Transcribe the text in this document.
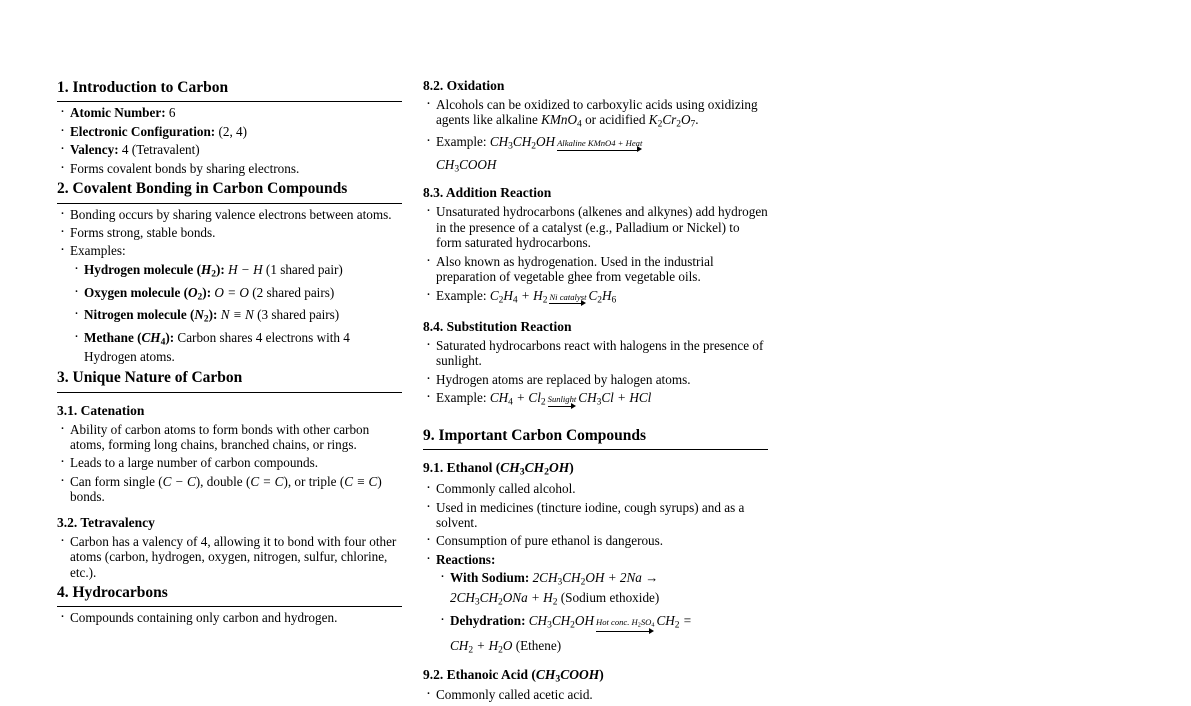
1. Introduction to Carbon
· Atomic Number: 6
· Electronic Configuration: (2, 4)
· Valency: 4 (Tetravalent)
· Forms covalent bonds by sharing electrons.
2. Covalent Bonding in Carbon Compounds
· Bonding occurs by sharing valence electrons between atoms.
· Forms strong, stable bonds.
· Examples:
· Hydrogen molecule $(H_2)$: H − H (1 shared pair)
· Oxygen molecule $(O_2)$: O = O (2 shared pairs)
· Nitrogen molecule $(N_2)$: N ≡ N (3 shared pairs)
· Methane $(CH_4)$: Carbon shares 4 electrons with 4 Hydrogen atoms.
3. Unique Nature of Carbon
3.1. Catenation
· Ability of carbon atoms to form bonds with other carbon atoms, forming long chains, branched chains, or rings.
· Leads to a large number of carbon compounds.
· Can form single (C − C), double (C = C), or triple (C ≡ C) bonds.
3.2. Tetravalency
· Carbon has a valency of 4, allowing it to bond with four other atoms (carbon, hydrogen, oxygen, nitrogen, sulfur, chlorine, etc.).
4. Hydrocarbons
· Compounds containing only carbon and hydrogen.
8.2. Oxidation
· Alcohols can be oxidized to carboxylic acids using oxidizing agents like alkaline KMnO$_4$ or acidified $K_2Cr_2O_7$.
· Example: $CH_3CH_2OH$ Alkaline KMnO4 + Heat
$CH_3COOH$
8.3. Addition Reaction
· Unsaturated hydrocarbons (alkenes and alkynes) add hydrogen in the presence of a catalyst (e.g., Palladium or Nickel) to form saturated hydrocarbons.
· Also known as hydrogenation. Used in the industrial preparation of vegetable ghee from vegetable oils.
· Example: $C_2H_4 + H_2$ Ni catalyst $C_2H_6$
8.4. Substitution Reaction
· Saturated hydrocarbons react with halogens in the presence of sunlight.
· Hydrogen atoms are replaced by halogen atoms.
· Example: $CH_4 + Cl_2$ Sunlight $CH_3Cl$ + HCl
9. Important Carbon Compounds
9.1. Ethanol $(CH_3CH_2OH)$
· Commonly called alcohol.
· Used in medicines (tincture iodine, cough syrups) and as a solvent.
· Consumption of pure ethanol is dangerous.
· Reactions:
· With Sodium: $2CH_3CH_2OH + 2Na$ →
$2CH_3CH_2ONa + H_2$ (Sodium ethoxide)
· Dehydration: $CH_3CH_2OH$ Hot conc. $H_2SO_4$ $CH_2$ =
$CH_2 + H_2O$ (Ethene)
9.2. Ethanoic Acid $(CH_3COOH)$
· Commonly called acetic acid.
